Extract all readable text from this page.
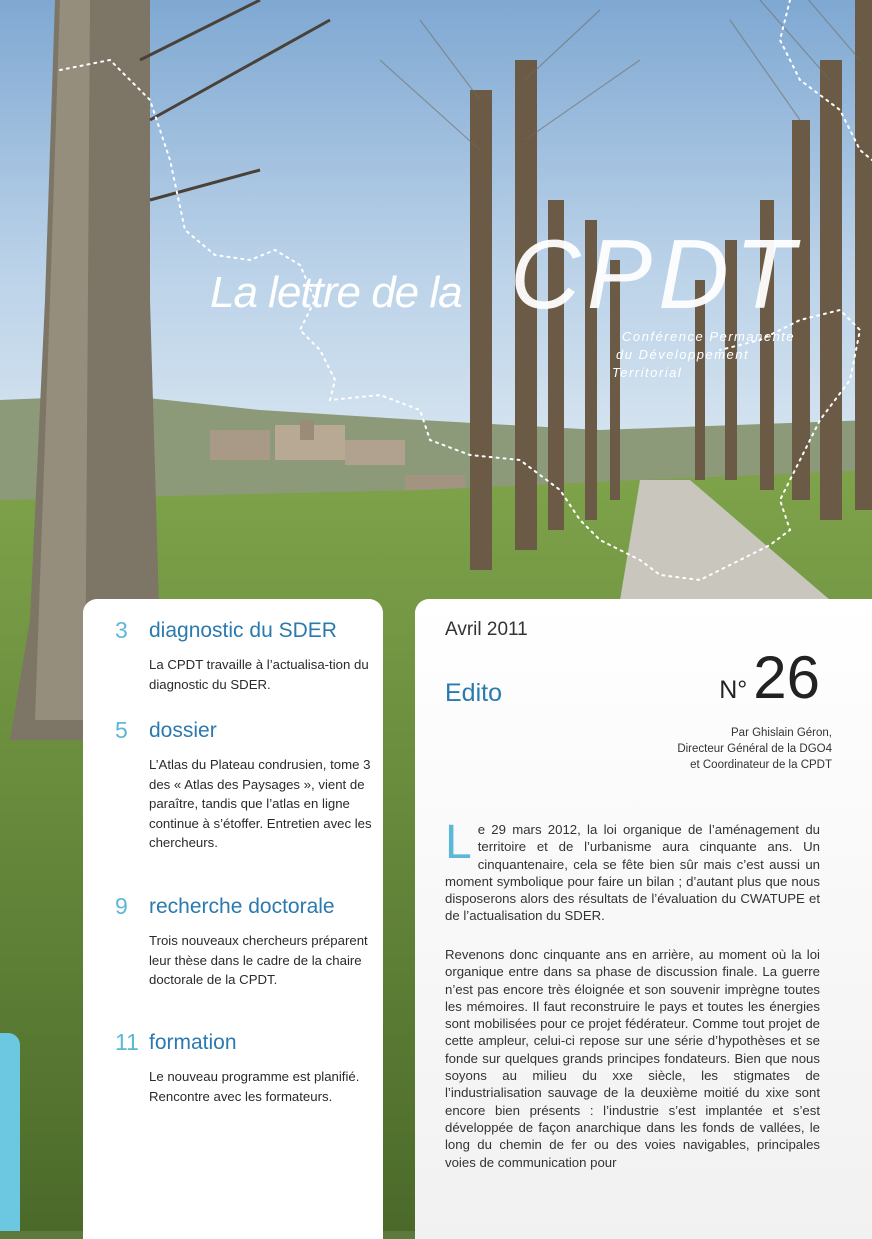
La lettre de la CPDT
Conférence Permanente
du Développement
Territorial
3 diagnostic du SDER
La CPDT travaille à l’actualisa-tion du diagnostic du SDER.
5 dossier
L’Atlas du Plateau condrusien, tome 3 des « Atlas des Paysages », vient de paraître, tandis que l’atlas en ligne continue à s’étoffer. Entretien avec les chercheurs.
9 recherche doctorale
Trois nouveaux chercheurs préparent leur thèse dans le cadre de la chaire doctorale de la CPDT.
11 formation
Le nouveau programme est planifié. Rencontre avec les formateurs.
Avril 2011
Edito	N° 26
Par Ghislain Géron,
Directeur Général de la DGO4
et Coordinateur de la CPDT
Le 29 mars 2012, la loi organique de l’aménagement du territoire et de l’urbanisme aura cinquante ans. Un cinquantenaire, cela se fête bien sûr mais c’est aussi un moment symbolique pour faire un bilan ; d’autant plus que nous disposerons alors des résultats de l’évaluation du CWATUPE et de l’actualisation du SDER.
Revenons donc cinquante ans en arrière, au moment où la loi organique entre dans sa phase de discussion finale. La guerre n’est pas encore très éloignée et son souvenir imprègne toutes les mémoires. Il faut reconstruire le pays et toutes les énergies sont mobilisées pour ce projet fédérateur. Comme tout projet de cette ampleur, celui-ci repose sur une série d’hypothèses et se fonde sur quelques grands principes fondateurs. Bien que nous soyons au milieu du xxe siècle, les stigmates de l’industrialisation sauvage de la deuxième moitié du xixe sont encore bien présents : l’industrie s’est implantée et s’est développée de façon anarchique dans les fonds de vallées, le long du chemin de fer ou des voies navigables, principales voies de communication pour
